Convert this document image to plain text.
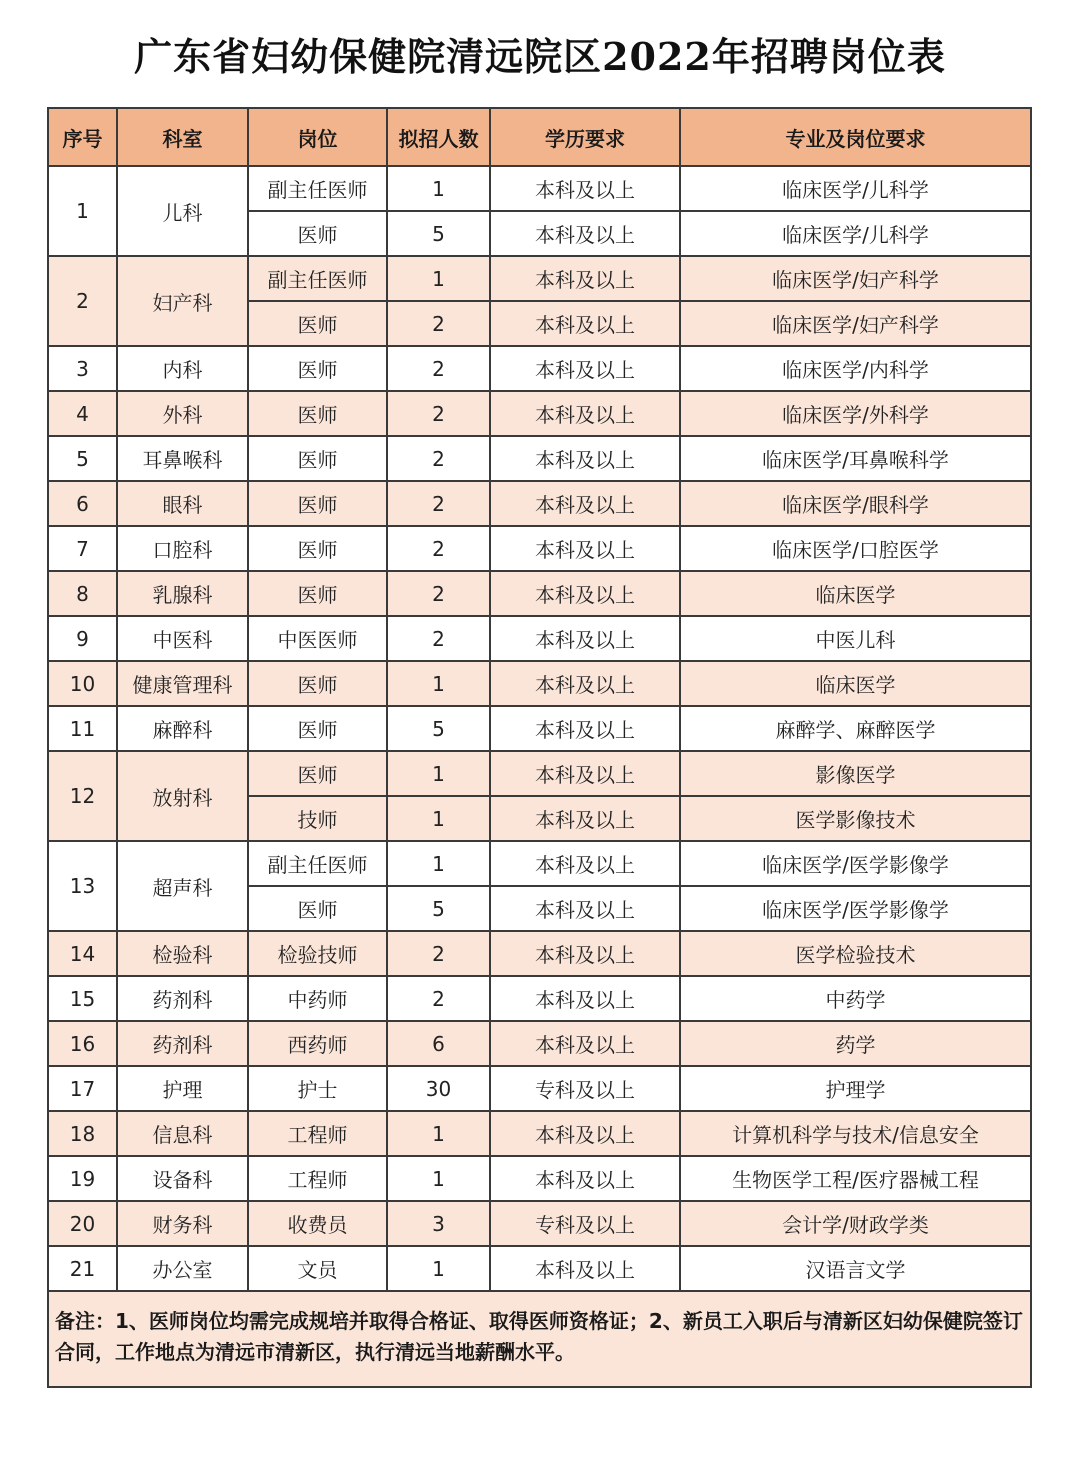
广东省妇幼保健院清远院区2022年招聘岗位表
序号	科室	岗位	拟招人数	学历要求	专业及岗位要求
1	儿科	副主任医师	1	本科及以上	临床医学/儿科学
		医师	5	本科及以上	临床医学/儿科学
2	妇产科	副主任医师	1	本科及以上	临床医学/妇产科学
		医师	2	本科及以上	临床医学/妇产科学
3	内科	医师	2	本科及以上	临床医学/内科学
4	外科	医师	2	本科及以上	临床医学/外科学
5	耳鼻喉科	医师	2	本科及以上	临床医学/耳鼻喉科学
6	眼科	医师	2	本科及以上	临床医学/眼科学
7	口腔科	医师	2	本科及以上	临床医学/口腔医学
8	乳腺科	医师	2	本科及以上	临床医学
9	中医科	中医医师	2	本科及以上	中医儿科
10	健康管理科	医师	1	本科及以上	临床医学
11	麻醉科	医师	5	本科及以上	麻醉学、麻醉医学
12	放射科	医师	1	本科及以上	影像医学
		技师	1	本科及以上	医学影像技术
13	超声科	副主任医师	1	本科及以上	临床医学/医学影像学
		医师	5	本科及以上	临床医学/医学影像学
14	检验科	检验技师	2	本科及以上	医学检验技术
15	药剂科	中药师	2	本科及以上	中药学
16	药剂科	西药师	6	本科及以上	药学
17	护理	护士	30	专科及以上	护理学
18	信息科	工程师	1	本科及以上	计算机科学与技术/信息安全
19	设备科	工程师	1	本科及以上	生物医学工程/医疗器械工程
20	财务科	收费员	3	专科及以上	会计学/财政学类
21	办公室	文员	1	本科及以上	汉语言文学
备注：1、医师岗位均需完成规培并取得合格证、取得医师资格证；2、新员工入职后与清新区妇幼保健院签订合同，工作地点为清远市清新区，执行清远当地薪酬水平。					
